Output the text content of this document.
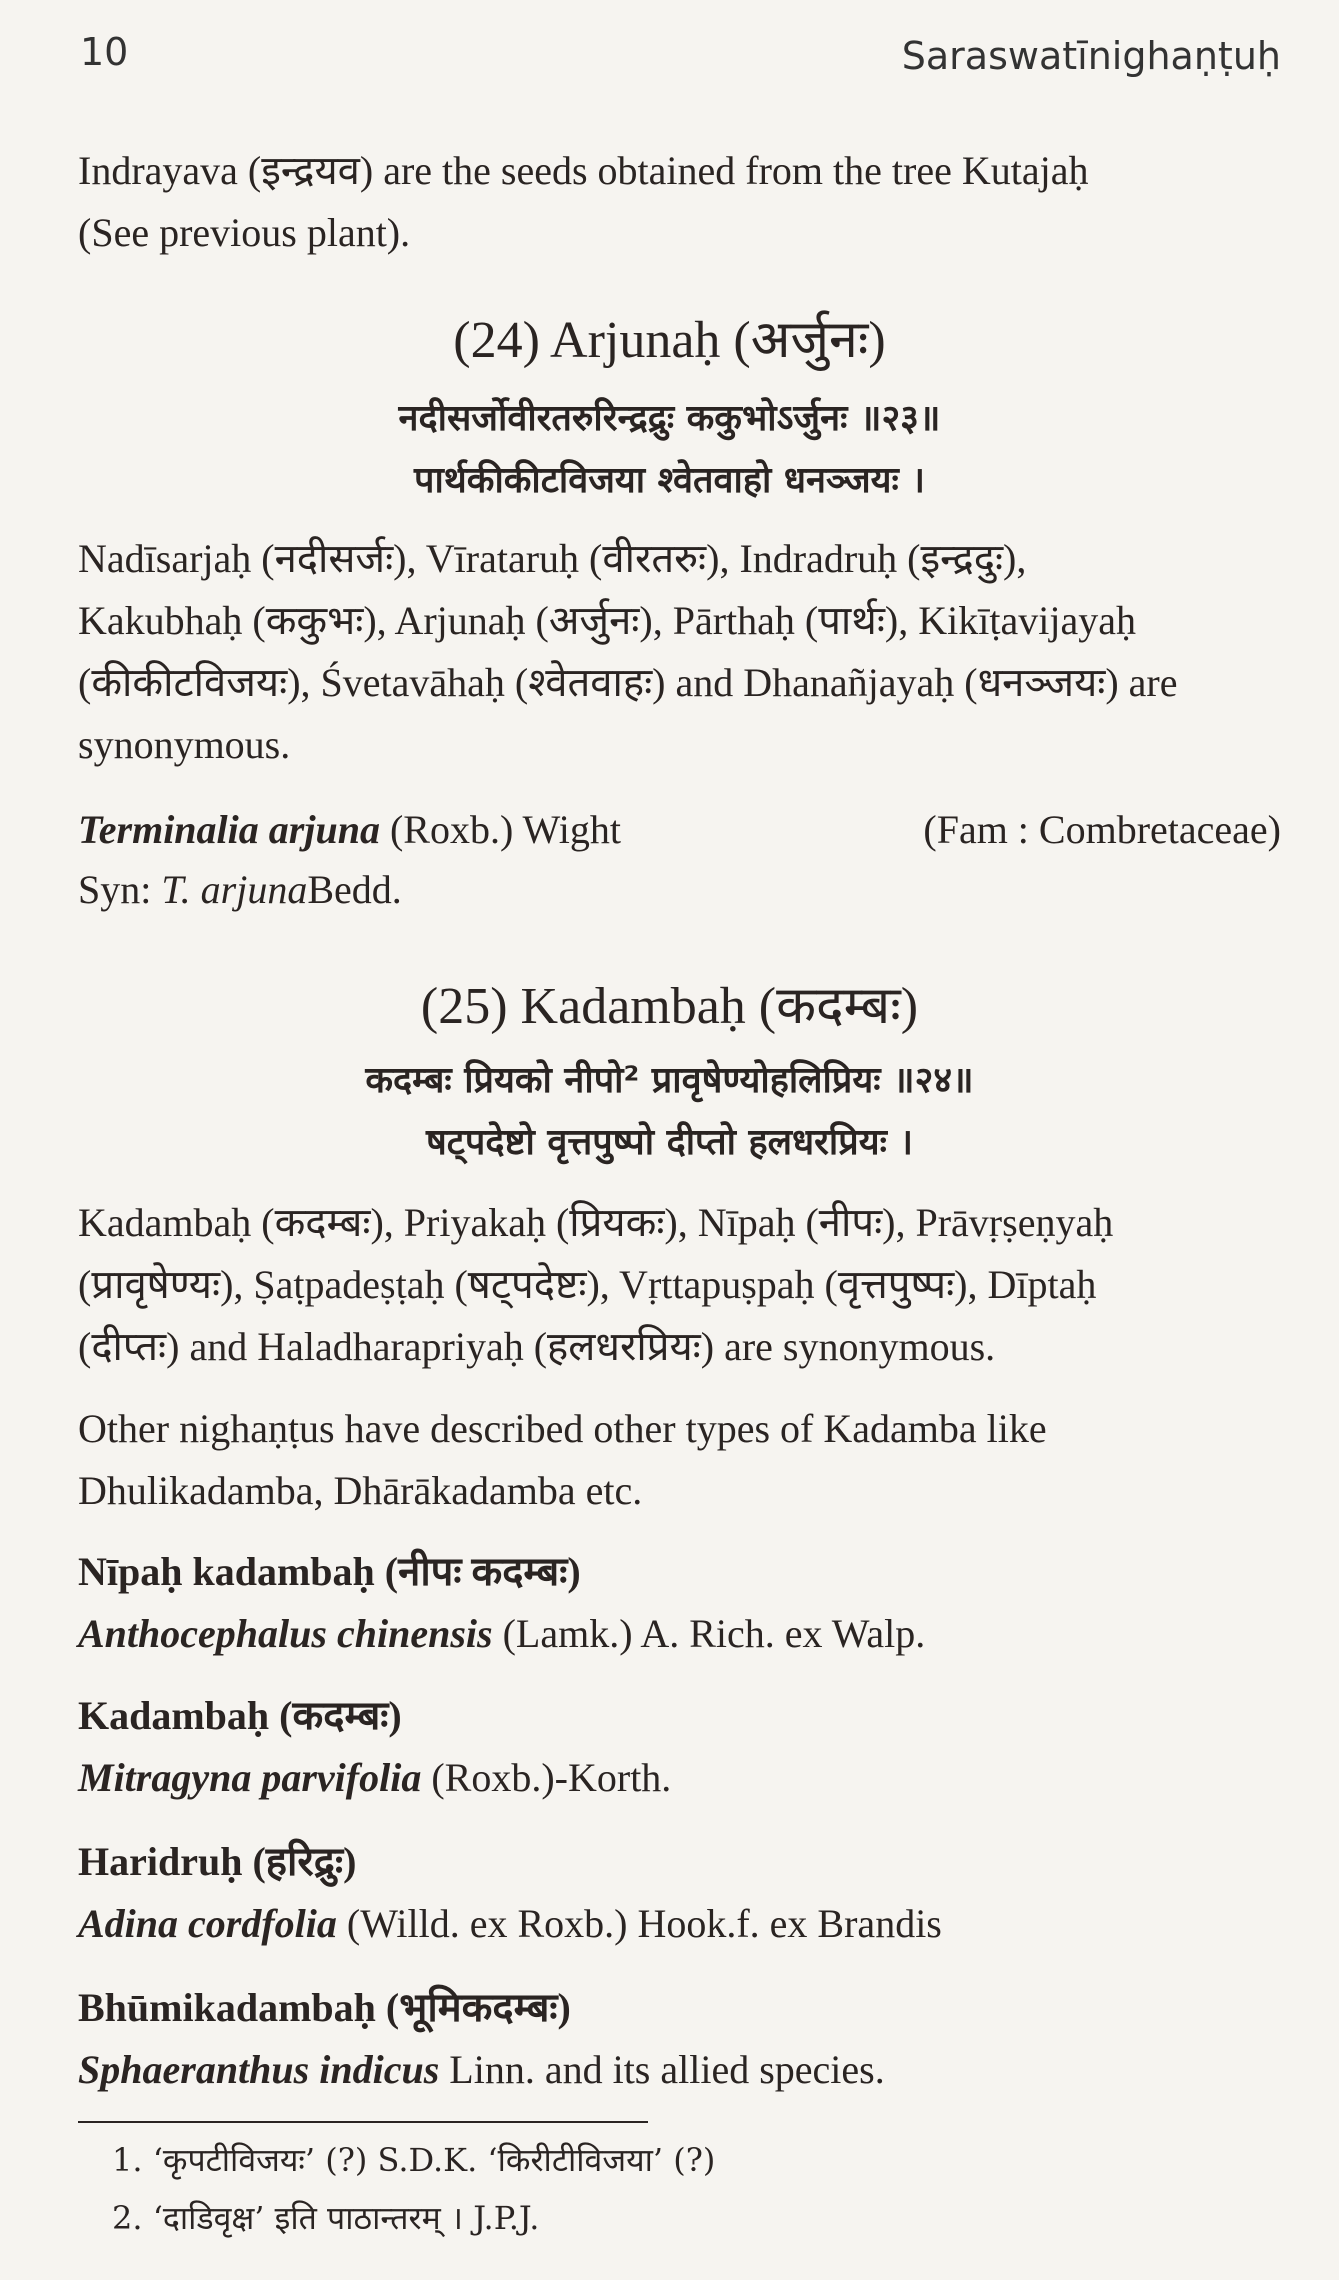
10	Saraswatīnighaṇṭuḥ
Indrayava (इन्द्रयव) are the seeds obtained from the tree Kutajaḥ
(See previous plant).
(24) Arjunaḥ (अर्जुनः)
नदीसर्जोवीरतरुरिन्द्रद्रुः ककुभोऽर्जुनः ॥२३॥
पार्थकीकीटविजया श्वेतवाहो धनञ्जयः ।
Nadīsarjaḥ (नदीसर्जः), Vīrataruḥ (वीरतरुः), Indradruḥ (इन्द्रदुः),
Kakubhaḥ (ककुभः), Arjunaḥ (अर्जुनः), Pārthaḥ (पार्थः), Kikīṭavijayaḥ
(कीकीटविजयः), Śvetavāhaḥ (श्वेतवाहः) and Dhanañjayaḥ (धनञ्जयः) are
synonymous.
Terminalia arjuna (Roxb.) Wight	(Fam : Combretaceae)
Syn: T. arjunaBedd.
(25) Kadambaḥ (कदम्बः)
कदम्बः प्रियको नीपो² प्रावृषेण्योहलिप्रियः ॥२४॥
षट्पदेष्टो वृत्तपुष्पो दीप्तो हलधरप्रियः ।
Kadambaḥ (कदम्बः), Priyakaḥ (प्रियकः), Nīpaḥ (नीपः), Prāvṛṣeṇyaḥ
(प्रावृषेण्यः), Ṣaṭpadeṣṭaḥ (षट्पदेष्टः), Vṛttapuṣpaḥ (वृत्तपुष्पः), Dīptaḥ
(दीप्तः) and Haladharapriyaḥ (हलधरप्रियः) are synonymous.
Other nighaṇṭus have described other types of Kadamba like
Dhulikadamba, Dhārākadamba etc.
Nīpaḥ kadambaḥ (नीपः कदम्बः)
Anthocephalus chinensis (Lamk.) A. Rich. ex Walp.
Kadambaḥ (कदम्बः)
Mitragyna parvifolia (Roxb.)-Korth.
Haridruḥ (हरिद्रुः)
Adina cordfolia (Willd. ex Roxb.) Hook.f. ex Brandis
Bhūmikadambaḥ (भूमिकदम्बः)
Sphaeranthus indicus Linn. and its allied species.
1. ‘कृपटीविजयः’ (?) S.D.K. ‘किरीटीविजया’ (?)
2. ‘दाडिवृक्ष’ इति पाठान्तरम् । J.P.J.
